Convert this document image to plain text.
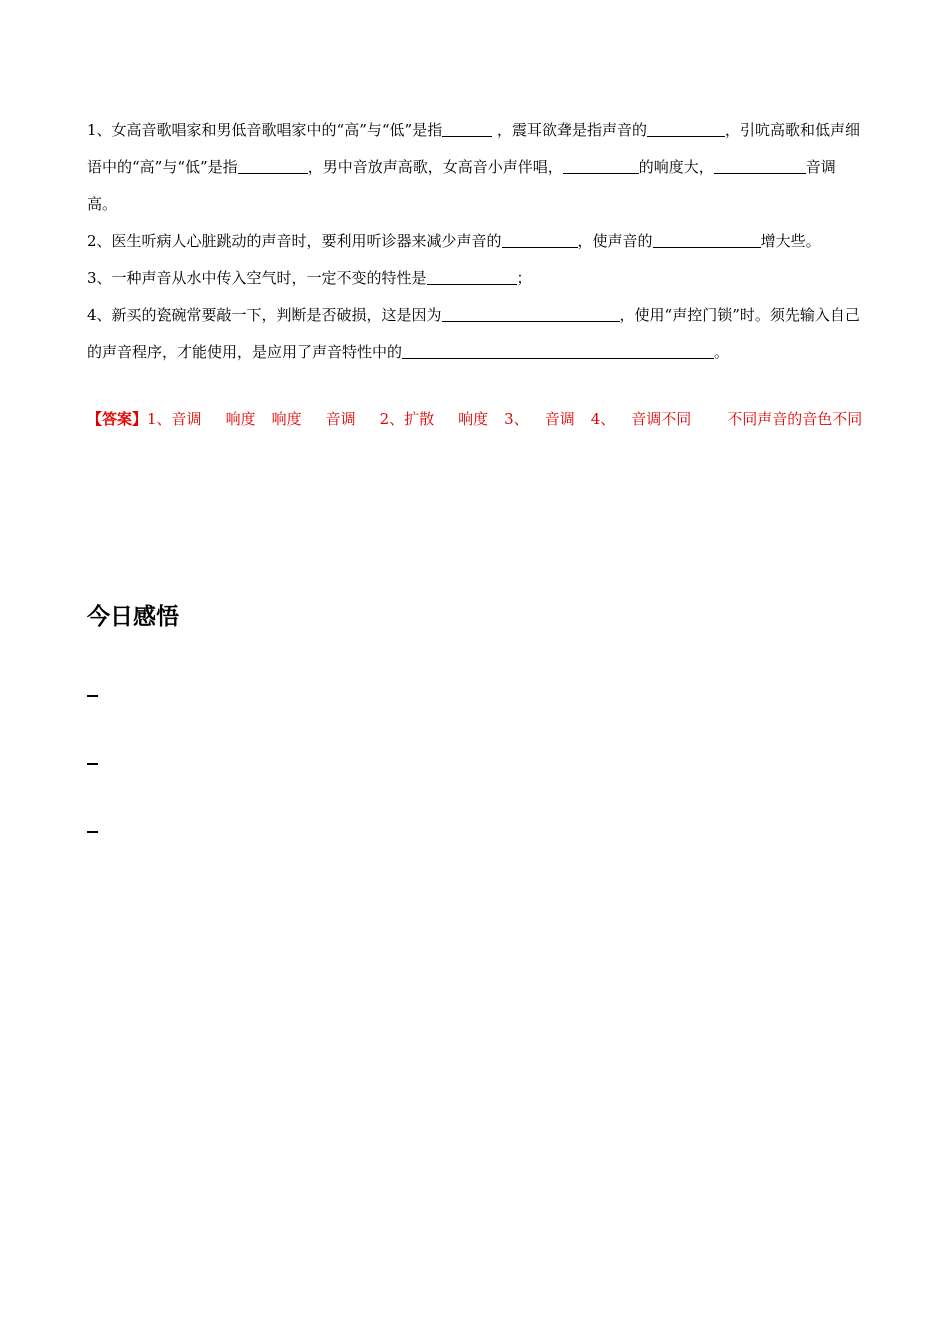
1、女高音歌唱家和男低音歌唱家中的“高”与“低”是指	，震耳欲聋是指声音的	，引吭高歌和低声细语中的“高”与“低”是指	，男中音放声高歌，女高音小声伴唱，	的响度大，	音调高。

2、医生听病人心脏跳动的声音时，要利用听诊器来减少声音的	，使声音的	增大些。

3、一种声音从水中传入空气时，一定不变的特性是	；

4、新买的瓷碗常要敲一下，判断是否破损，这是因为	，使用“声控门锁”时。须先输入自己的声音程序，才能使用，是应用了声音特性中的	。

【答案】1、音调 响度 响度 音调 2、扩散 响度 3、 音调 4、 音调不同 不同声音的音色不同

今日感悟
